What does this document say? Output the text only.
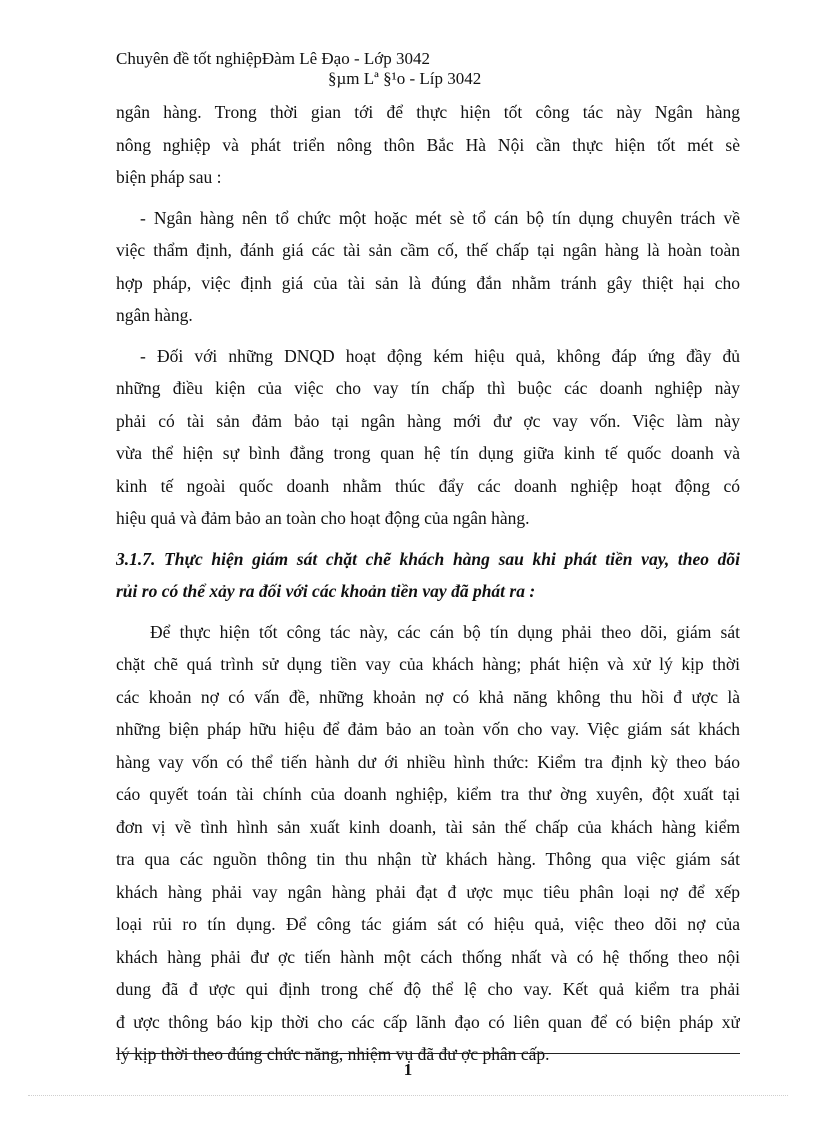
Chuyên đề tốt nghiệpĐàm Lê Đạo - Lớp 3042
§µm Lª §¹o - Líp 3042
ngân hàng. Trong thời gian tới để thực hiện tốt công tác này Ngân hàng
nông nghiệp và phát triển nông thôn Bắc Hà Nội cần thực hiện tốt mét sè
biện pháp sau :
- Ngân hàng nên tổ chức một hoặc mét sè tổ cán bộ tín dụng chuyên trách về
việc thẩm định, đánh giá các tài sản cầm cố, thế chấp tại ngân hàng là hoàn toàn
hợp pháp, việc định giá của tài sản là đúng đắn nhằm tránh gây thiệt hại cho
ngân hàng.
- Đối với những DNQD hoạt động kém hiệu quả, không đáp ứng đầy đủ
những điều kiện của việc cho vay tín chấp thì buộc các doanh nghiệp này
phải có tài sản đảm bảo tại ngân hàng mới đư ợc vay vốn. Việc làm này
vừa thể hiện sự bình đẳng trong quan hệ tín dụng giữa kinh tế quốc doanh và
kinh tế ngoài quốc doanh nhằm thúc đẩy các doanh nghiệp hoạt động có
hiệu quả và đảm bảo an toàn cho hoạt động của ngân hàng.
3.1.7. Thực hiện giám sát chặt chẽ khách hàng sau khi phát tiền vay, theo dõi
rủi ro có thể xảy ra đối với các khoản tiền vay đã phát ra :
Để thực hiện tốt công tác này, các cán bộ tín dụng phải theo dõi, giám sát
chặt chẽ quá trình sử dụng tiền vay của khách hàng; phát hiện và xử lý kịp thời
các khoản nợ có vấn đề, những khoản nợ có khả năng không thu hồi đ ược là
những biện pháp hữu hiệu để đảm bảo an toàn vốn cho vay. Việc giám sát khách
hàng vay vốn có thể tiến hành dư ới nhiều hình thức: Kiểm tra định kỳ theo báo
cáo quyết toán tài chính của doanh nghiệp, kiểm tra thư ờng xuyên, đột xuất tại
đơn vị về tình hình sản xuất kinh doanh, tài sản thế chấp của khách hàng kiểm
tra qua các nguồn thông tin thu nhận từ khách hàng. Thông qua việc giám sát
khách hàng phải vay ngân hàng phải đạt đ ược mục tiêu phân loại nợ để xếp
loại rủi ro tín dụng. Để công tác giám sát có hiệu quả, việc theo dõi nợ của
khách hàng phải đư ợc tiến hành một cách thống nhất và có hệ thống theo nội
dung đã đ ược qui định trong chế độ thể lệ cho vay. Kết quả kiểm tra phải
đ ược thông báo kịp thời cho các cấp lãnh đạo có liên quan để có biện pháp xử
lý kịp thời theo đúng chức năng, nhiệm vụ đã đư ợc phân cấp.
1
